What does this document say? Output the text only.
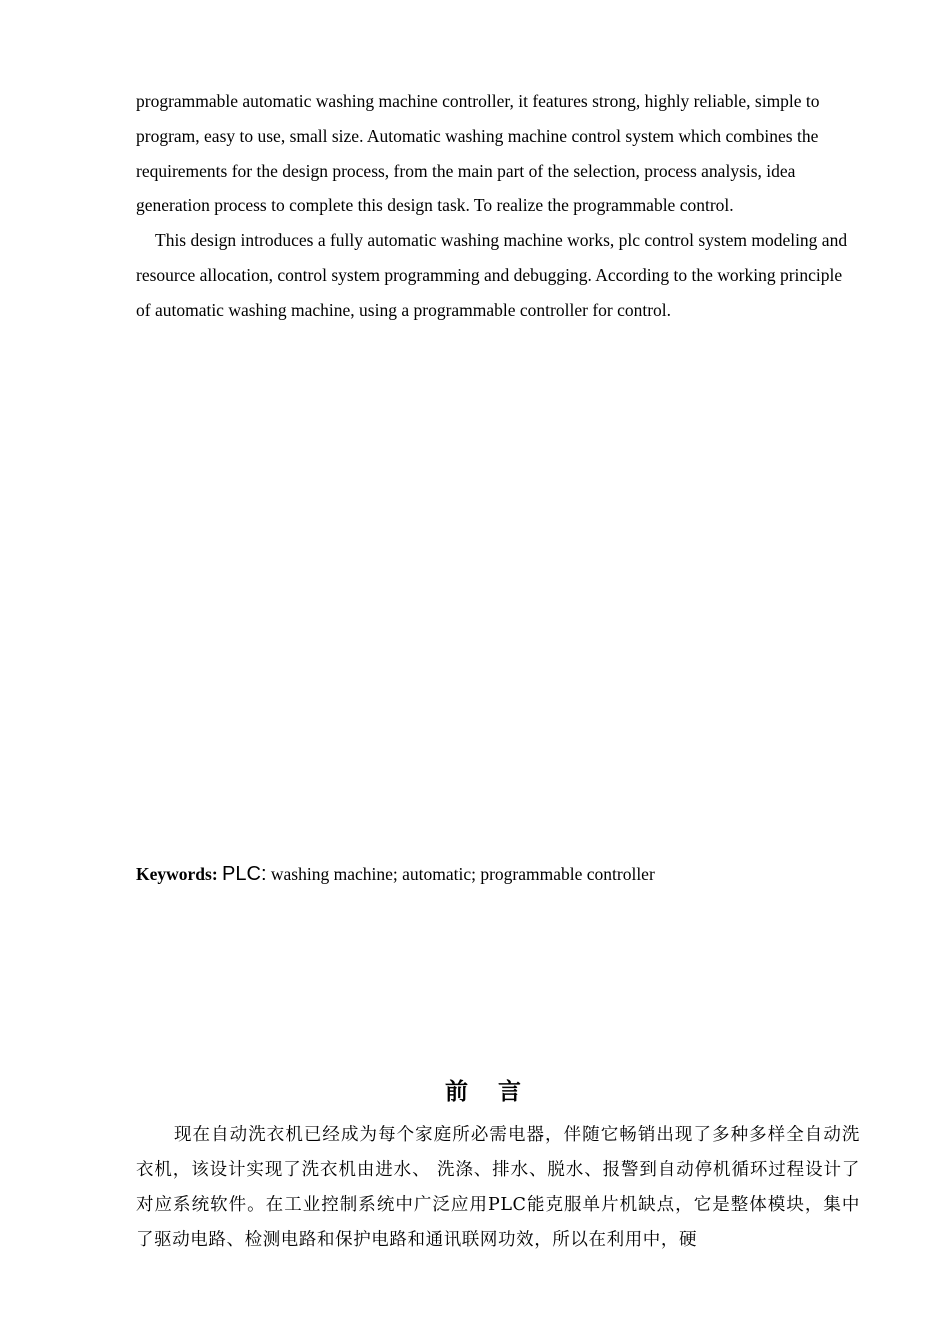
programmable automatic washing machine controller, it features strong, highly reliable, simple to program, easy to use, small size. Automatic washing machine control system which combines the requirements for the design process, from the main part of the selection, process analysis, idea generation process to complete this design task. To realize the programmable control.

This design introduces a fully automatic washing machine works, plc control system modeling and resource allocation, control system programming and debugging. According to the working principle of automatic washing machine, using a programmable controller for control.

Keywords: PLC: washing machine; automatic; programmable controller

前言

现在自动洗衣机已经成为每个家庭所必需电器，伴随它畅销出现了多种多样全自动洗衣机，该设计实现了洗衣机由进水、 洗涤、排水、脱水、报警到自动停机循环过程设计了对应系统软件。在工业控制系统中广泛应用PLC能克服单片机缺点，它是整体模块，集中了驱动电路、检测电路和保护电路和通讯联网功效，所以在利用中，硬
